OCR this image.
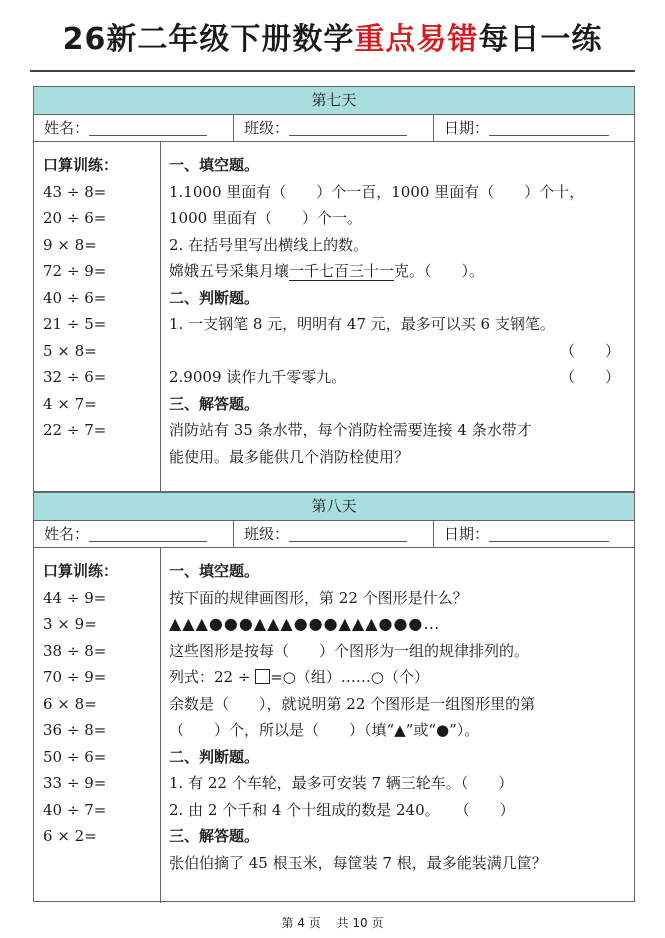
26新二年级下册数学重点易错每日一练
第七天
姓名：	班级：	日期：
口算训练：
43 ÷ 8=
20 ÷ 6=
9 × 8=
72 ÷ 9=
40 ÷ 6=
21 ÷ 5=
5 × 8=
32 ÷ 6=
4 × 7=
22 ÷ 7=
一、填空题。
1.1000 里面有（　　）个一百，1000 里面有（　　）个十，
1000 里面有（　　）个一。
2. 在括号里写出横线上的数。
嫦娥五号采集月壤一千七百三十一克。（　　）。
二、判断题。
1. 一支钢笔 8 元，明明有 47 元，最多可以买 6 支钢笔。
（　　）
2.9009 读作九千零零九。	（　　）
三、解答题。
消防站有 35 条水带，每个消防栓需要连接 4 条水带才
能使用。最多能供几个消防栓使用？
第八天
姓名：	班级：	日期：
口算训练：
44 ÷ 9=
3 × 9=
38 ÷ 8=
70 ÷ 9=
6 × 8=
36 ÷ 8=
50 ÷ 6=
33 ÷ 9=
40 ÷ 7=
6 × 2=
一、填空题。
按下面的规律画图形，第 22 个图形是什么？
▲▲▲●●●▲▲▲●●●▲▲▲●●●…
这些图形是按每（　　）个图形为一组的规律排列的。
列式：22 ÷ =○（组）……○（个）
余数是（　　），就说明第 22 个图形是一组图形里的第
（　　）个，所以是（　　）（填“▲”或“●”）。
二、判断题。
1. 有 22 个车轮，最多可安装 7 辆三轮车。（　　）
2. 由 2 个千和 4 个十组成的数是 240。　　（　　）
三、解答题。
张伯伯摘了 45 根玉米，每筐装 7 根，最多能装满几筐？
第 4 页　 共 10 页
